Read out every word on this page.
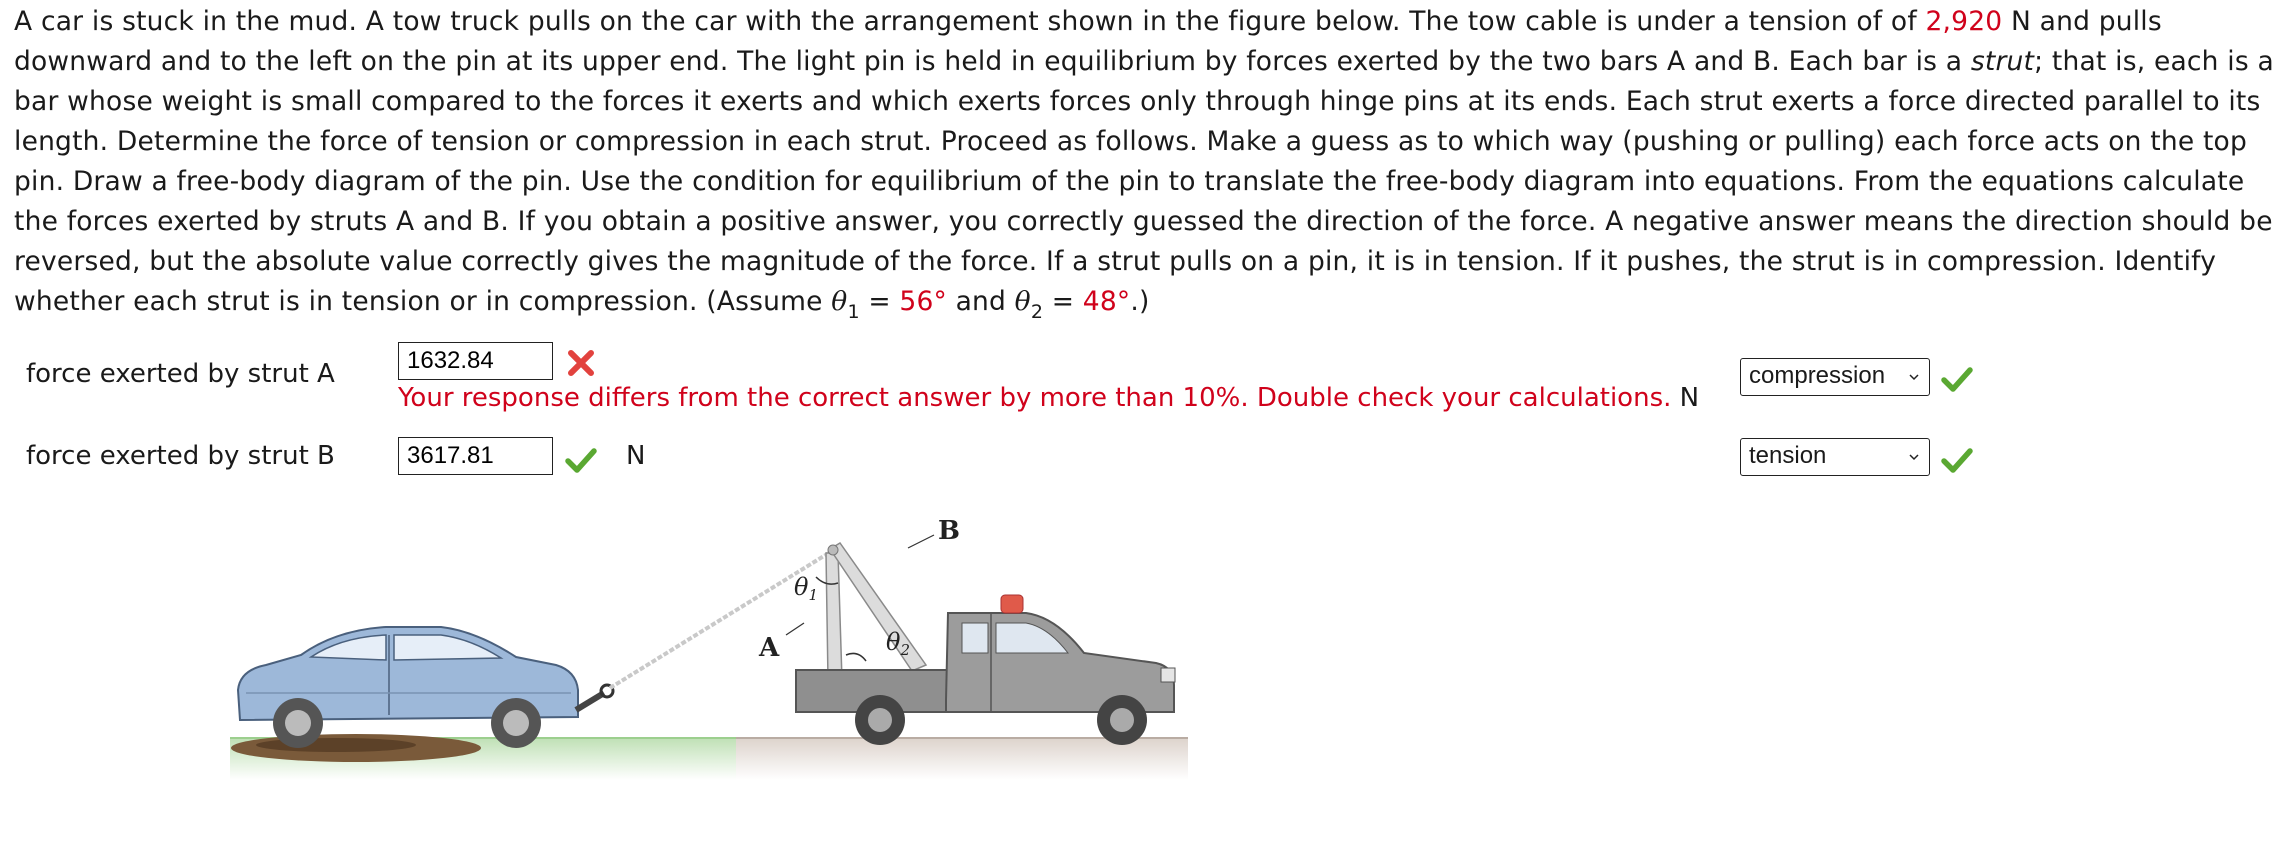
A car is stuck in the mud. A tow truck pulls on the car with the arrangement shown in the figure below. The tow cable is under a tension of of 2,920 N and pulls downward and to the left on the pin at its upper end. The light pin is held in equilibrium by forces exerted by the two bars A and B. Each bar is a strut; that is, each is a bar whose weight is small compared to the forces it exerts and which exerts forces only through hinge pins at its ends. Each strut exerts a force directed parallel to its length. Determine the force of tension or compression in each strut. Proceed as follows. Make a guess as to which way (pushing or pulling) each force acts on the top pin. Draw a free-body diagram of the pin. Use the condition for equilibrium of the pin to translate the free-body diagram into equations. From the equations calculate the forces exerted by struts A and B. If you obtain a positive answer, you correctly guessed the direction of the force. A negative answer means the direction should be reversed, but the absolute value correctly gives the magnitude of the force. If a strut pulls on a pin, it is in tension. If it pushes, the strut is in compression. Identify whether each strut is in tension or in compression. (Assume $\theta_1 = 56^\circ$ and $\theta_2 = 48^\circ$.)
force exerted by strut A
1632.84
Your response differs from the correct answer by more than 10%. Double check your calculations. N
compression
force exerted by strut B
3617.81	N	tension
B
A
$\theta_1$
$\theta_2$
